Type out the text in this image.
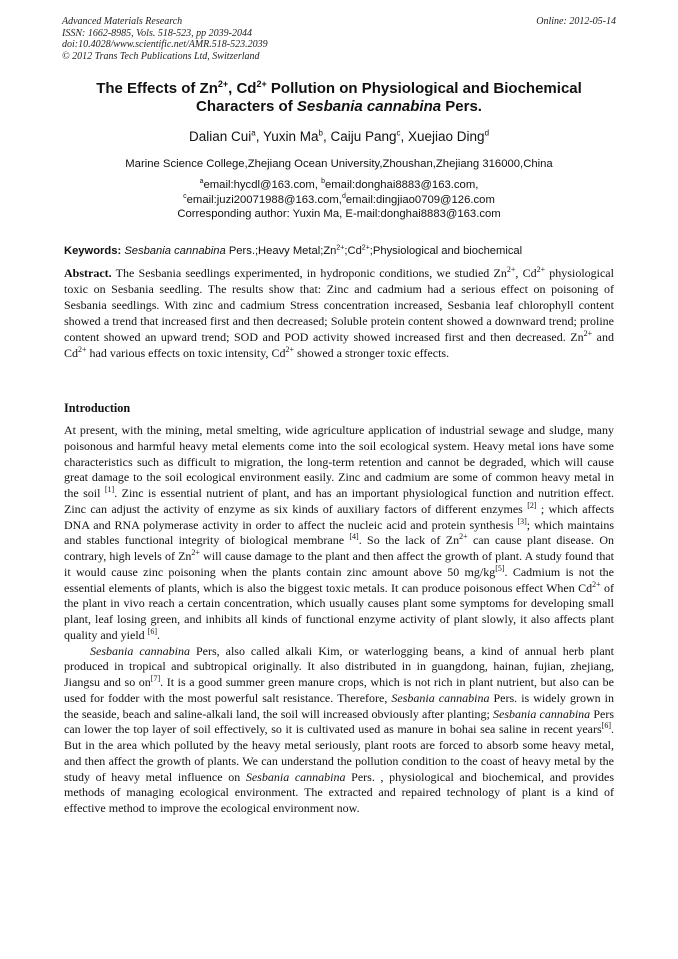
Advanced Materials Research
ISSN: 1662-8985, Vols. 518-523, pp 2039-2044
doi:10.4028/www.scientific.net/AMR.518-523.2039
© 2012 Trans Tech Publications Ltd, Switzerland
Online: 2012-05-14
The Effects of $Zn^{2+}$, $Cd^{2+}$ Pollution on Physiological and Biochemical
Characters of Sesbania cannabina Pers.
Dalian Cui$^a$, Yuxin Ma$^b$, Caiju Pang$^c$, Xuejiao Ding$^d$
Marine Science College,Zhejiang Ocean University,Zhoushan,Zhejiang 316000,China
$^a$email:hycdl@163.com, $^b$email:donghai8883@163.com,
$^c$email:juzi20071988@163.com,$^d$email:dingjiao0709@126.com
Corresponding author: Yuxin Ma, E-mail:donghai8883@163.com
Keywords: Sesbania cannabina Pers.;Heavy $Metal;Zn^{2+};Cd^{2+};Physiological$ and biochemical
Abstract. The Sesbania seedlings experimented, in hydroponic conditions, we studied $Zn^{2+}$, $Cd^{2+}$ physiological toxic on Sesbania seedling. The results show that: Zinc and cadmium had a serious effect on poisoning of Sesbania seedlings. With zinc and cadmium Stress concentration increased, Sesbania leaf chlorophyll content showed a trend that increased first and then decreased; Soluble protein content showed a downward trend; proline content showed an upward trend; SOD and POD activity showed increased first and then decreased. $Zn^{2+}$ and $Cd^{2+}$ had various effects on toxic intensity, $Cd^{2+}$ showed a stronger toxic effects.
Introduction

At present, with the mining, metal smelting, wide agriculture application of industrial sewage and sludge, many poisonous and harmful heavy metal elements come into the soil ecological system. Heavy metal ions have some characteristics such as difficult to migration, the long-term retention and cannot be degraded, which will cause great damage to the soil ecological environment easily. Zinc and cadmium are some of common heavy metal in the soil [1]. Zinc is essential nutrient of plant, and has an important physiological function and nutrition effect. Zinc can adjust the activity of enzyme as six kinds of auxiliary factors of different enzymes [2] ; which affects DNA and RNA polymerase activity in order to affect the nucleic acid and protein synthesis [3]; which maintains and stables functional integrity of biological membrane [4]. So the lack of $Zn^{2+}$ can cause plant disease. On contrary, high levels of $Zn^{2+}$ will cause damage to the plant and then affect the growth of plant. A study found that it would cause zinc poisoning when the plants contain zinc amount above 50 mg/kg[5]. Cadmium is not the essential elements of plants, which is also the biggest toxic metals. It can produce poisonous effect When $Cd^{2+}$ of the plant in vivo reach a certain concentration, which usually causes plant some symptoms for developing small plant, leaf losing green, and inhibits all kinds of functional enzyme activity of plant slowly, it also affects plant quality and yield [6].

Sesbania cannabina Pers, also called alkali Kim, or waterlogging beans, a kind of annual herb plant produced in tropical and subtropical originally. It also distributed in in guangdong, hainan, fujian, zhejiang, Jiangsu and so on[7]. It is a good summer green manure crops, which is not rich in plant nutrient, but also can be used for fodder with the most powerful salt resistance. Therefore, Sesbania cannabina Pers. is widely grown in the seaside, beach and saline-alkali land, the soil will increased obviously after planting; Sesbania cannabina Pers can lower the top layer of soil effectively, so it is cultivated used as manure in bohai sea saline in recent years[6]. But in the area which polluted by the heavy metal seriously, plant roots are forced to absorb some heavy metal, and then affect the growth of plants. We can understand the pollution condition to the coast of heavy metal by the study of heavy metal influence on Sesbania cannabina Pers. , physiological and biochemical, and provides methods of managing ecological environment. The extracted and repaired technology of plant is a kind of effective method to improve the ecological environment now.
